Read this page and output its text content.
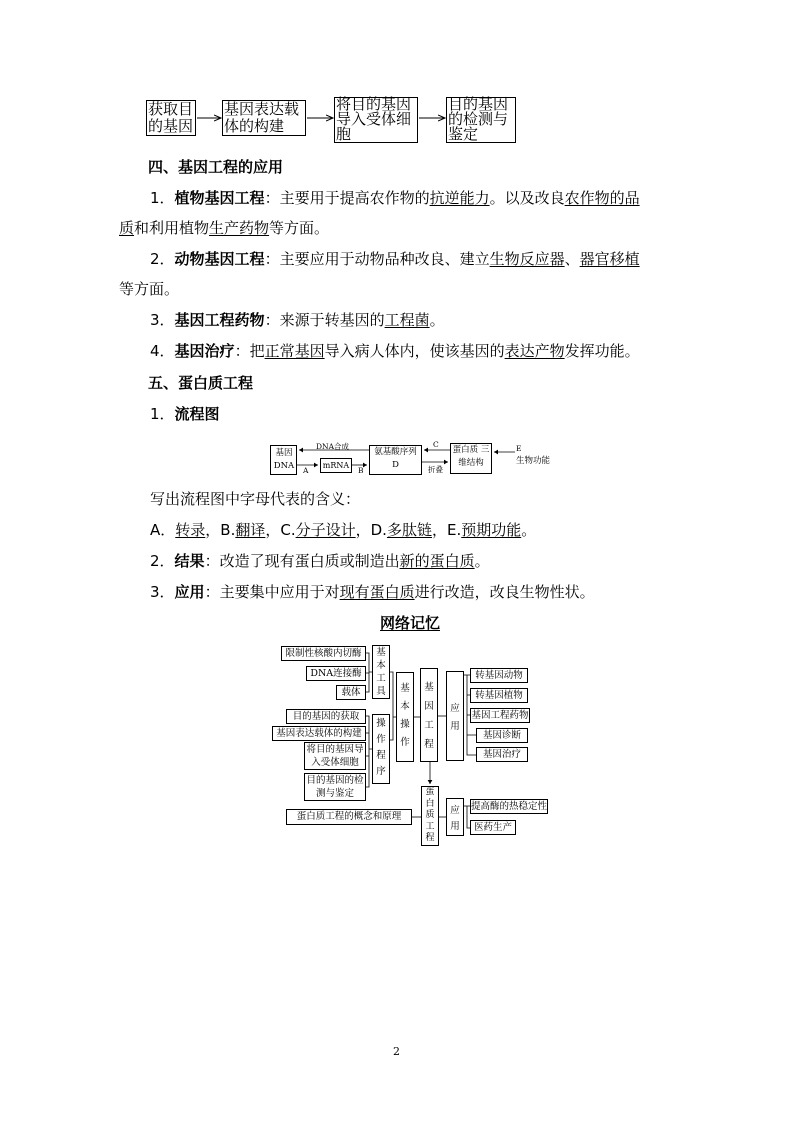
获取目的基因
基因表达载体的构建
将目的基因导入受体细胞
目的基因的检测与鉴定
四、基因工程的应用
1．植物基因工程：主要用于提高农作物的抗逆能力。以及改良农作物的品
质和利用植物生产药物等方面。
2．动物基因工程：主要应用于动物品种改良、建立生物反应器、器官移植
等方面。
3．基因工程药物：来源于转基因的工程菌。
4．基因治疗：把正常基因导入病人体内，使该基因的表达产物发挥功能。
五、蛋白质工程
1．流程图
基因 DNA	mRNA
氨基酸序列
D
蛋白质 三维结构	生物功能
DNA合成
A	B
C	E
折叠
写出流程图中字母代表的含义：
A．转录，B.翻译，C.分子设计，D.多肽链，E.预期功能。
2．结果：改造了现有蛋白质或制造出新的蛋白质。
3．应用：主要集中应用于对现有蛋白质进行改造，改良生物性状。
网络记忆
限制性核酸内切酶
DNA连接酶
载体
基本工具 基本操作
基因工程
目的基因的获取
基因表达载体的构建
将目的基因导入受体细胞
目的基因的检测与鉴定
操作程序
应用
转基因动物
转基因植物
基因工程药物
基因诊断
基因治疗
蛋白质工程
蛋白质工程的概念和原理
应用
提高酶的热稳定性
医药生产
2
